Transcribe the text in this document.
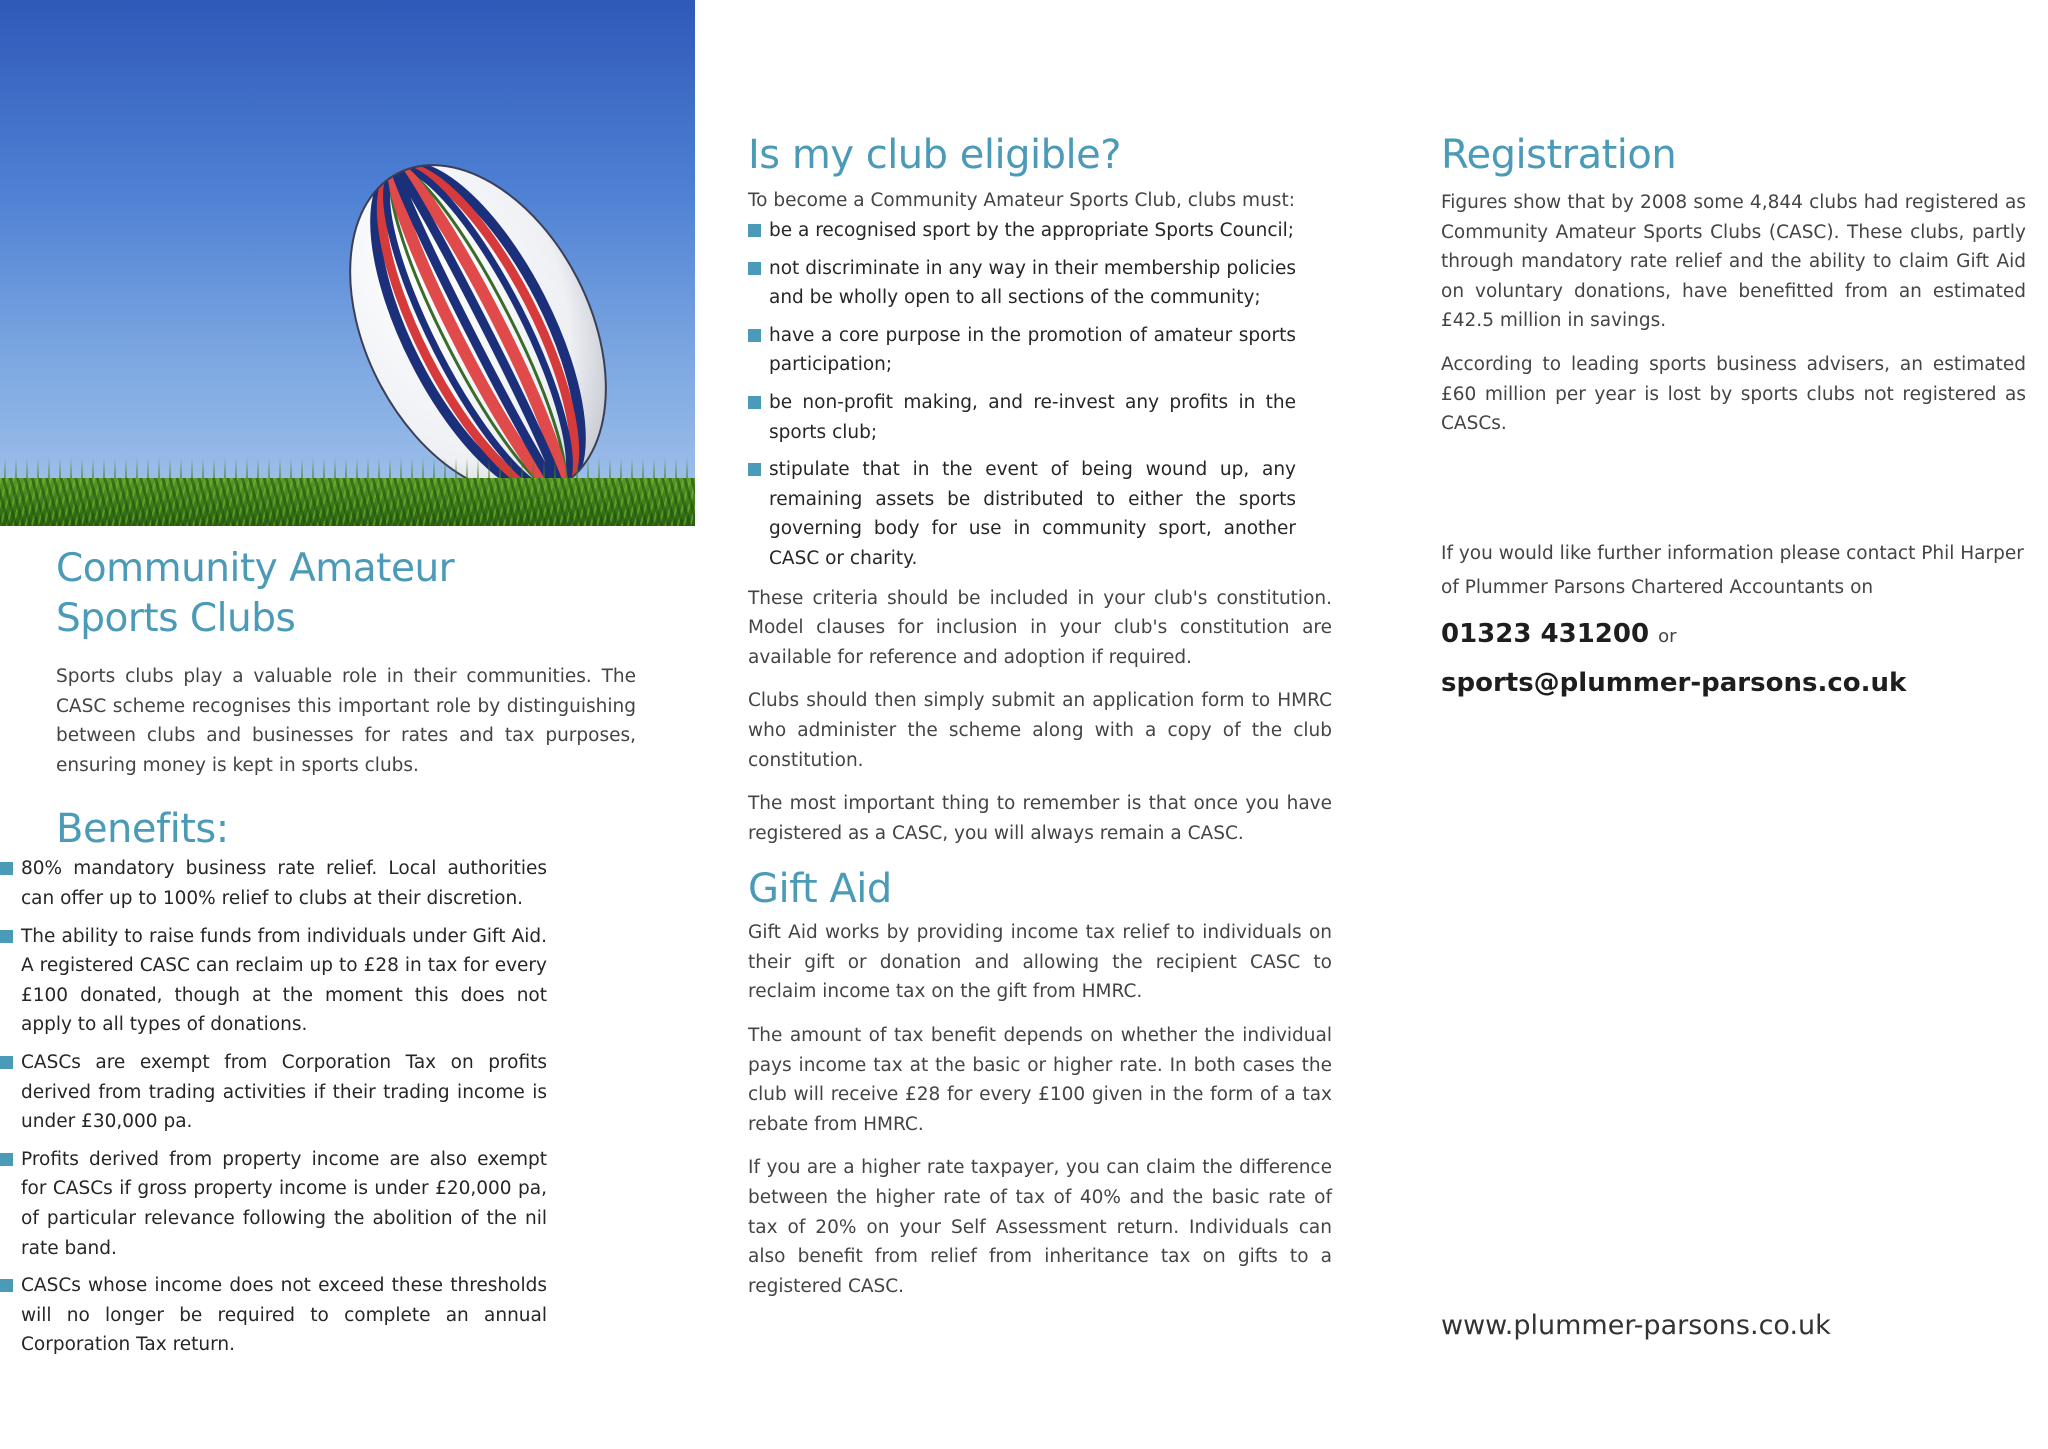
Community Amateur
Sports Clubs

Sports clubs play a valuable role in their communities. The CASC scheme recognises this important role by distinguishing between clubs and businesses for rates and tax purposes, ensuring money is kept in sports clubs.

Benefits:
80% mandatory business rate relief. Local authorities can offer up to 100% relief to clubs at their discretion.
The ability to raise funds from individuals under Gift Aid. A registered CASC can reclaim up to £28 in tax for every £100 donated, though at the moment this does not apply to all types of donations.
CASCs are exempt from Corporation Tax on profits derived from trading activities if their trading income is under £30,000 pa.
Profits derived from property income are also exempt for CASCs if gross property income is under £20,000 pa, of particular relevance following the abolition of the nil rate band.
CASCs whose income does not exceed these thresholds will no longer be required to complete an annual Corporation Tax return.
Is my club eligible?

To become a Community Amateur Sports Club, clubs must:

be a recognised sport by the appropriate Sports Council;
not discriminate in any way in their membership policies and be wholly open to all sections of the community;
have a core purpose in the promotion of amateur sports participation;
be non-profit making, and re-invest any profits in the sports club;
stipulate that in the event of being wound up, any remaining assets be distributed to either the sports governing body for use in community sport, another CASC or charity.

These criteria should be included in your club's constitution. Model clauses for inclusion in your club's constitution are available for reference and adoption if required.

Clubs should then simply submit an application form to HMRC who administer the scheme along with a copy of the club constitution.

The most important thing to remember is that once you have registered as a CASC, you will always remain a CASC.

Gift Aid

Gift Aid works by providing income tax relief to individuals on their gift or donation and allowing the recipient CASC to reclaim income tax on the gift from HMRC.

The amount of tax benefit depends on whether the individual pays income tax at the basic or higher rate. In both cases the club will receive £28 for every £100 given in the form of a tax rebate from HMRC.

If you are a higher rate taxpayer, you can claim the difference between the higher rate of tax of 40% and the basic rate of tax of 20% on your Self Assessment return. Individuals can also benefit from relief from inheritance tax on gifts to a registered CASC.

Registration

Figures show that by 2008 some 4,844 clubs had registered as Community Amateur Sports Clubs (CASC). These clubs, partly through mandatory rate relief and the ability to claim Gift Aid on voluntary donations, have benefitted from an estimated £42.5 million in savings.

According to leading sports business advisers, an estimated £60 million per year is lost by sports clubs not registered as CASCs.

If you would like further information please contact Phil Harper of Plummer Parsons Chartered Accountants on

01323 431200 or
sports@plummer-parsons.co.uk
www.plummer-parsons.co.uk
